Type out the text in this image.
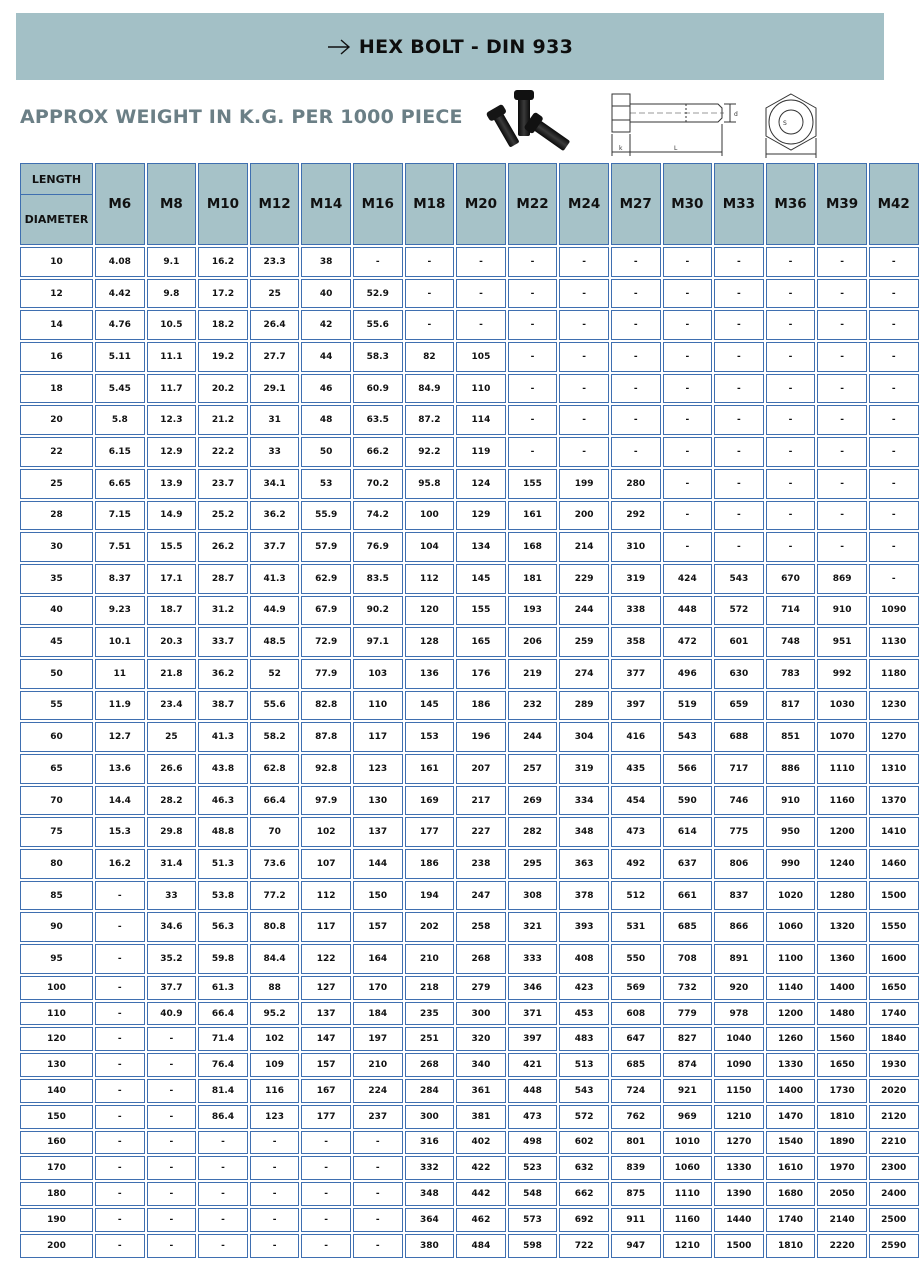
HEX BOLT - DIN 933
APPROX WEIGHT IN K.G. PER 1000 PIECE
k	L
d
S
LENGTH
DIAMETER	M6	M8	M10	M12	M14	M16	M18	M20	M22	M24	M27	M30	M33	M36	M39	M42
10	4.08	9.1	16.2	23.3	38	-	-	-	-	-	-	-	-	-	-	-
12	4.42	9.8	17.2	25	40	52.9	-	-	-	-	-	-	-	-	-	-
14	4.76	10.5	18.2	26.4	42	55.6	-	-	-	-	-	-	-	-	-	-
16	5.11	11.1	19.2	27.7	44	58.3	82	105	-	-	-	-	-	-	-	-
18	5.45	11.7	20.2	29.1	46	60.9	84.9	110	-	-	-	-	-	-	-	-
20	5.8	12.3	21.2	31	48	63.5	87.2	114	-	-	-	-	-	-	-	-
22	6.15	12.9	22.2	33	50	66.2	92.2	119	-	-	-	-	-	-	-	-
25	6.65	13.9	23.7	34.1	53	70.2	95.8	124	155	199	280	-	-	-	-	-
28	7.15	14.9	25.2	36.2	55.9	74.2	100	129	161	200	292	-	-	-	-	-
30	7.51	15.5	26.2	37.7	57.9	76.9	104	134	168	214	310	-	-	-	-	-
35	8.37	17.1	28.7	41.3	62.9	83.5	112	145	181	229	319	424	543	670	869	-
40	9.23	18.7	31.2	44.9	67.9	90.2	120	155	193	244	338	448	572	714	910	1090
45	10.1	20.3	33.7	48.5	72.9	97.1	128	165	206	259	358	472	601	748	951	1130
50	11	21.8	36.2	52	77.9	103	136	176	219	274	377	496	630	783	992	1180
55	11.9	23.4	38.7	55.6	82.8	110	145	186	232	289	397	519	659	817	1030	1230
60	12.7	25	41.3	58.2	87.8	117	153	196	244	304	416	543	688	851	1070	1270
65	13.6	26.6	43.8	62.8	92.8	123	161	207	257	319	435	566	717	886	1110	1310
70	14.4	28.2	46.3	66.4	97.9	130	169	217	269	334	454	590	746	910	1160	1370
75	15.3	29.8	48.8	70	102	137	177	227	282	348	473	614	775	950	1200	1410
80	16.2	31.4	51.3	73.6	107	144	186	238	295	363	492	637	806	990	1240	1460
85	-	33	53.8	77.2	112	150	194	247	308	378	512	661	837	1020	1280	1500
90	-	34.6	56.3	80.8	117	157	202	258	321	393	531	685	866	1060	1320	1550
95	-	35.2	59.8	84.4	122	164	210	268	333	408	550	708	891	1100	1360	1600
100	-	37.7	61.3	88	127	170	218	279	346	423	569	732	920	1140	1400	1650
110	-	40.9	66.4	95.2	137	184	235	300	371	453	608	779	978	1200	1480	1740
120	-	-	71.4	102	147	197	251	320	397	483	647	827	1040	1260	1560	1840
130	-	-	76.4	109	157	210	268	340	421	513	685	874	1090	1330	1650	1930
140	-	-	81.4	116	167	224	284	361	448	543	724	921	1150	1400	1730	2020
150	-	-	86.4	123	177	237	300	381	473	572	762	969	1210	1470	1810	2120
160	-	-	-	-	-	-	316	402	498	602	801	1010	1270	1540	1890	2210
170	-	-	-	-	-	-	332	422	523	632	839	1060	1330	1610	1970	2300
180	-	-	-	-	-	-	348	442	548	662	875	1110	1390	1680	2050	2400
190	-	-	-	-	-	-	364	462	573	692	911	1160	1440	1740	2140	2500
200	-	-	-	-	-	-	380	484	598	722	947	1210	1500	1810	2220	2590
